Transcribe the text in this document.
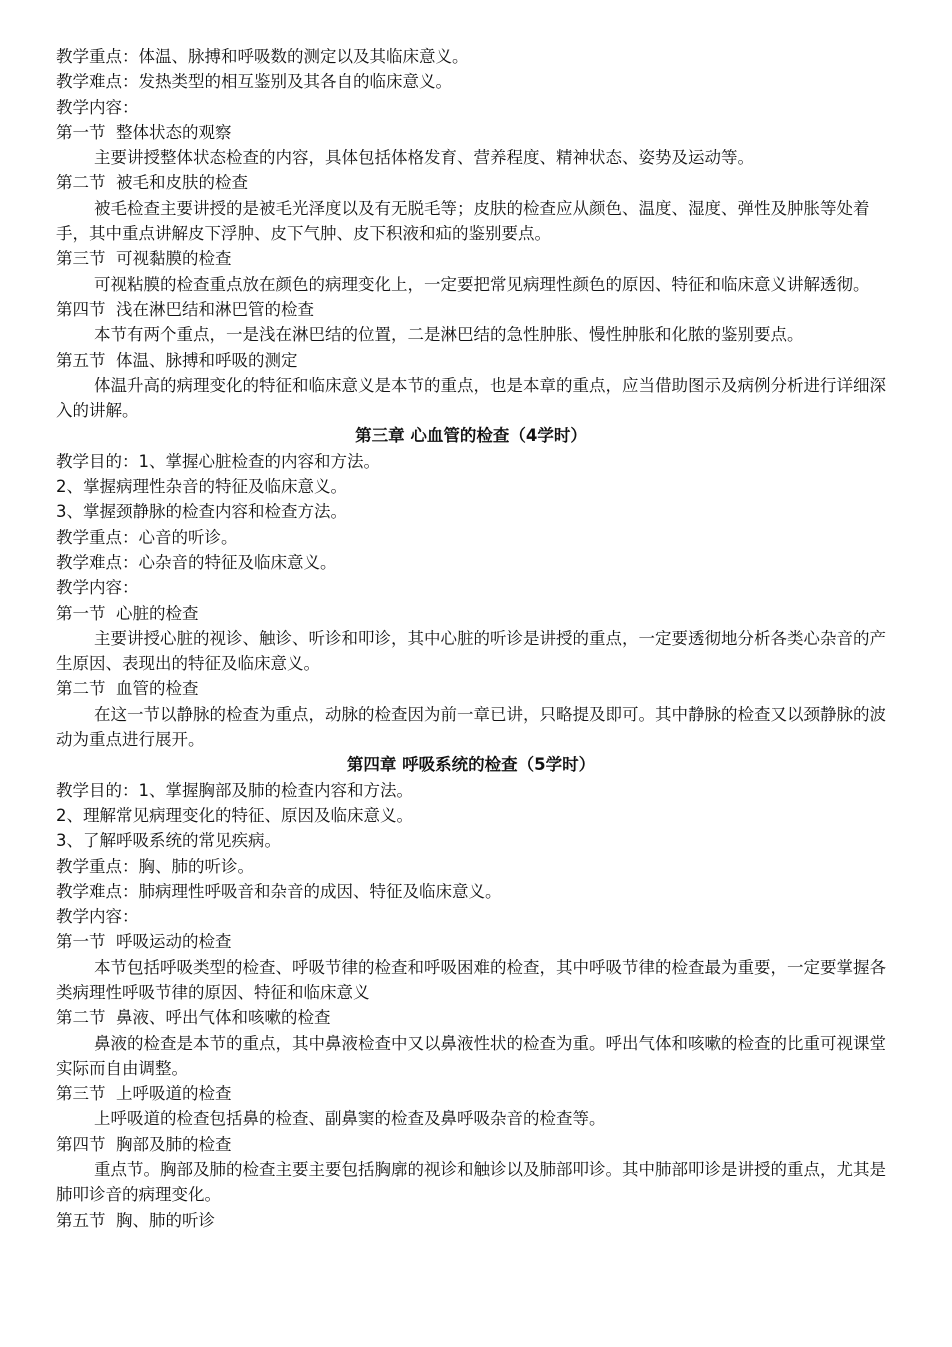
教学重点：体温、脉搏和呼吸数的测定以及其临床意义。

教学难点：发热类型的相互鉴别及其各自的临床意义。

教学内容：

第一节  整体状态的观察

主要讲授整体状态检查的内容，具体包括体格发育、营养程度、精神状态、姿势及运动等。

第二节  被毛和皮肤的检查

被毛检查主要讲授的是被毛光泽度以及有无脱毛等；皮肤的检查应从颜色、温度、湿度、弹性及肿胀等处着手，其中重点讲解皮下浮肿、皮下气肿、皮下积液和疝的鉴别要点。

第三节  可视黏膜的检查

可视粘膜的检查重点放在颜色的病理变化上，一定要把常见病理性颜色的原因、特征和临床意义讲解透彻。

第四节  浅在淋巴结和淋巴管的检查

本节有两个重点，一是浅在淋巴结的位置，二是淋巴结的急性肿胀、慢性肿胀和化脓的鉴别要点。

第五节  体温、脉搏和呼吸的测定

体温升高的病理变化的特征和临床意义是本节的重点，也是本章的重点，应当借助图示及病例分析进行详细深入的讲解。

第三章 心血管的检查（4学时）

教学目的：1、掌握心脏检查的内容和方法。

2、掌握病理性杂音的特征及临床意义。

3、掌握颈静脉的检查内容和检查方法。

教学重点：心音的听诊。

教学难点：心杂音的特征及临床意义。

教学内容：

第一节  心脏的检查

主要讲授心脏的视诊、触诊、听诊和叩诊，其中心脏的听诊是讲授的重点，一定要透彻地分析各类心杂音的产生原因、表现出的特征及临床意义。

第二节  血管的检查

在这一节以静脉的检查为重点，动脉的检查因为前一章已讲，只略提及即可。其中静脉的检查又以颈静脉的波动为重点进行展开。

第四章 呼吸系统的检查（5学时）

教学目的：1、掌握胸部及肺的检查内容和方法。

2、理解常见病理变化的特征、原因及临床意义。

3、了解呼吸系统的常见疾病。

教学重点：胸、肺的听诊。

教学难点：肺病理性呼吸音和杂音的成因、特征及临床意义。

教学内容：

第一节  呼吸运动的检查

本节包括呼吸类型的检查、呼吸节律的检查和呼吸困难的检查，其中呼吸节律的检查最为重要，一定要掌握各类病理性呼吸节律的原因、特征和临床意义

第二节  鼻液、呼出气体和咳嗽的检查

鼻液的检查是本节的重点，其中鼻液检查中又以鼻液性状的检查为重。呼出气体和咳嗽的检查的比重可视课堂实际而自由调整。

第三节  上呼吸道的检查

上呼吸道的检查包括鼻的检查、副鼻窦的检查及鼻呼吸杂音的检查等。

第四节  胸部及肺的检查

重点节。胸部及肺的检查主要主要包括胸廓的视诊和触诊以及肺部叩诊。其中肺部叩诊是讲授的重点，尤其是肺叩诊音的病理变化。

第五节  胸、肺的听诊
